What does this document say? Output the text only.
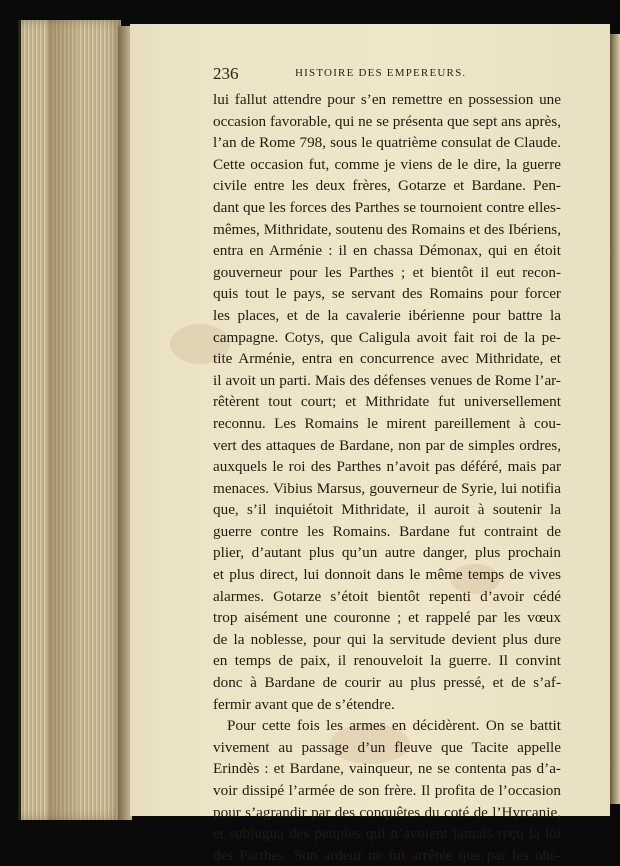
236	HISTOIRE DES EMPEREURS.
lui fallut attendre pour s’en remettre en possession une
occasion favorable, qui ne se présenta que sept ans après,
l’an de Rome 798, sous le quatrième consulat de Claude.
Cette occasion fut, comme je viens de le dire, la guerre
civile entre les deux frères, Gotarze et Bardane. Pen-
dant que les forces des Parthes se tournoient contre elles-
mêmes, Mithridate, soutenu des Romains et des Ibériens,
entra en Arménie : il en chassa Démonax, qui en étoit
gouverneur pour les Parthes ; et bientôt il eut recon-
quis tout le pays, se servant des Romains pour forcer
les places, et de la cavalerie ibérienne pour battre la
campagne. Cotys, que Caligula avoit fait roi de la pe-
tite Arménie, entra en concurrence avec Mithridate, et
il avoit un parti. Mais des défenses venues de Rome l’ar-
rêtèrent tout court; et Mithridate fut universellement
reconnu. Les Romains le mirent pareillement à cou-
vert des attaques de Bardane, non par de simples ordres,
auxquels le roi des Parthes n’avoit pas déféré, mais par
menaces. Vibius Marsus, gouverneur de Syrie, lui notifia
que, s’il inquiétoit Mithridate, il auroit à soutenir la
guerre contre les Romains. Bardane fut contraint de
plier, d’autant plus qu’un autre danger, plus prochain
et plus direct, lui donnoit dans le même temps de vives
alarmes. Gotarze s’étoit bientôt repenti d’avoir cédé
trop aisément une couronne ; et rappelé par les vœux
de la noblesse, pour qui la servitude devient plus dure
en temps de paix, il renouveloit la guerre. Il convint
donc à Bardane de courir au plus pressé, et de s’af-
fermir avant que de s’étendre.
Pour cette fois les armes en décidèrent. On se battit
vivement au passage d’un fleuve que Tacite appelle
Erindès : et Bardane, vainqueur, ne se contenta pas d’a-
voir dissipé l’armée de son frère. Il profita de l’occasion
pour s’agrandir par des conquêtes du coté de l’Hyrcanie,
et subjugua des peuples qui n’avoient jamais reçu la loi
des Parthes. Son ardeur ne fut arrêtée que par les obs-
